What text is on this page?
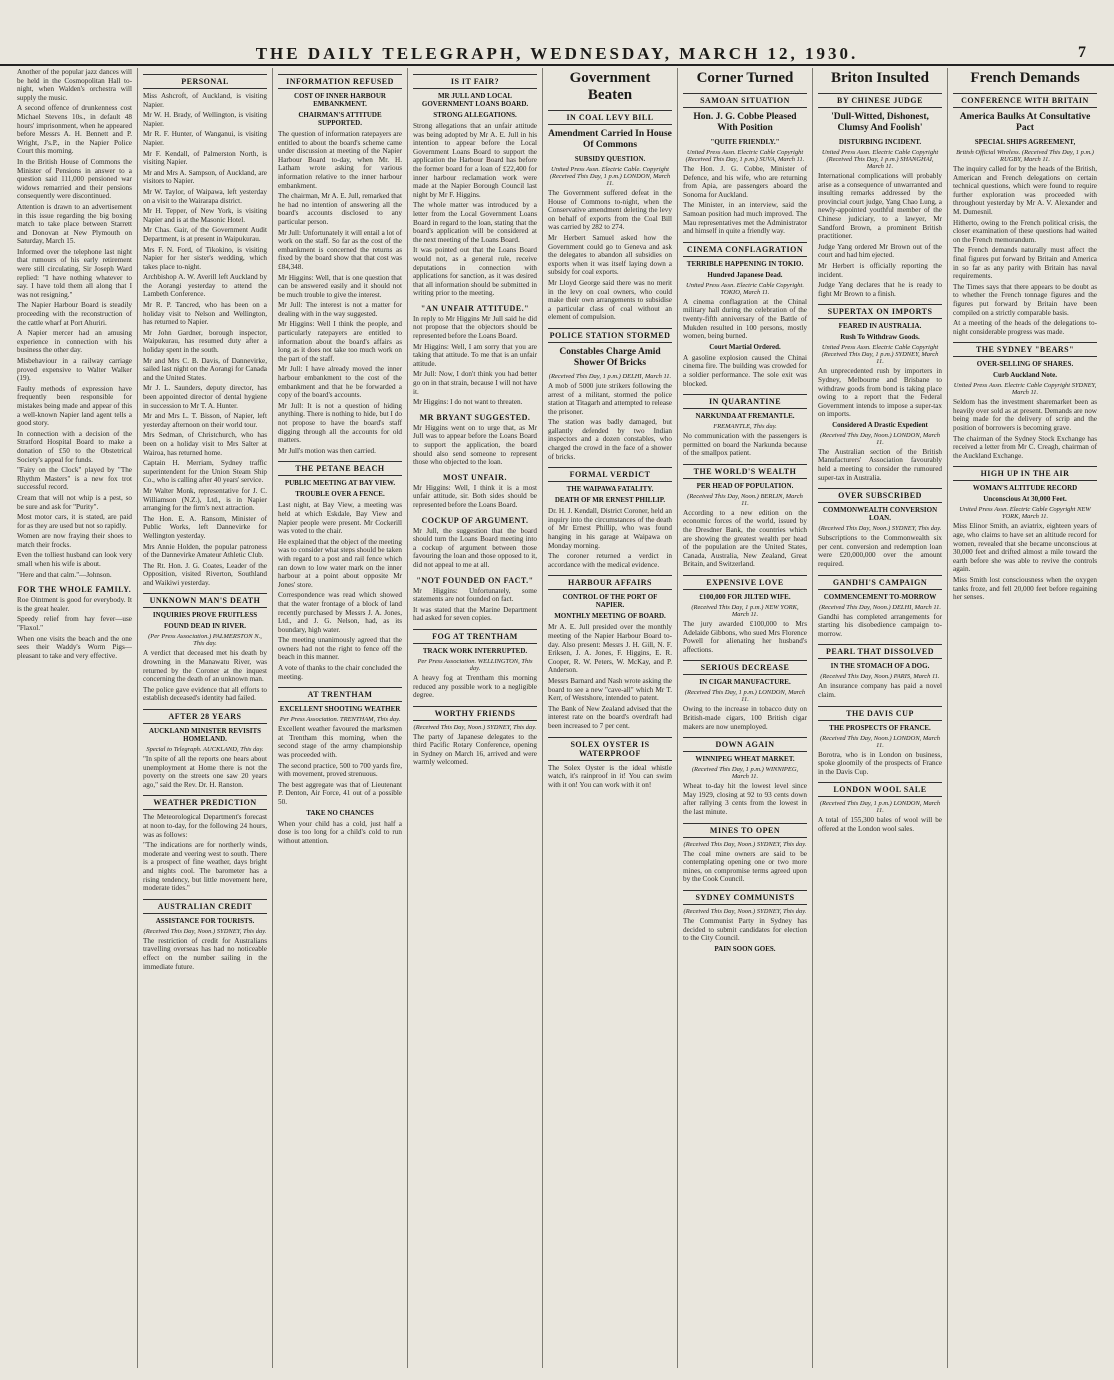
THE DAILY TELEGRAPH, WEDNESDAY, MARCH 12, 1930.	7

Another of the popular jazz dances will be held in the Cosmopolitan Hall to-night, when Walden's orchestra will supply the music.

A second offence of drunkenness cost Michael Stevens 10s., in default 48 hours' imprisonment, when he appeared before Messrs A. H. Bennett and P. Wright, J's.P., in the Napier Police Court this morning.

In the British House of Commons the Minister of Pensions in answer to a question said 111,000 pensioned war widows remarried and their pensions consequently were discontinued.

Attention is drawn to an advertisement in this issue regarding the big boxing match to take place between Starrett and Donovan at New Plymouth on Saturday, March 15.

Informed over the telephone last night that rumours of his early retirement were still circulating, Sir Joseph Ward replied: "I have nothing whatever to say. I have told them all along that I was not resigning."

The Napier Harbour Board is steadily proceeding with the reconstruction of the cattle wharf at Port Ahuriri.

A Napier mercer had an amusing experience in connection with his business the other day.

Misbehaviour in a railway carriage proved expensive to Walter Walker (19).

Faulty methods of expression have frequently been responsible for mistakes being made and appear of this a well-known Napier land agent tells a good story.

In connection with a decision of the Stratford Hospital Board to make a donation of £50 to the Obstetrical Society's appeal for funds.

"Fairy on the Clock" played by "The Rhythm Masters" is a new fox trot successful record.

Cream that will not whip is a pest, so be sure and ask for "Purity".

Most motor cars, it is stated, are paid for as they are used but not so rapidly.

Women are now fraying their shoes to match their frocks.

Even the tolliest husband can look very small when his wife is about.

"Here and that calm."—Johnson.

FOR THE WHOLE FAMILY.

Roe Ointment is good for everybody. It is the great healer.

Speedy relief from hay fever—use "Flaxol."

When one visits the beach and the one sees their Waddy's Worm Pigs—pleasant to take and very effective.

PERSONAL

Miss Ashcroft, of Auckland, is visiting Napier.

Mr W. H. Brady, of Wellington, is visiting Napier.

Mr R. F. Hunter, of Wanganui, is visiting Napier.

Mr F. Kendall, of Palmerston North, is visiting Napier.

Mr and Mrs A. Sampson, of Auckland, are visitors to Napier.

Mr W. Taylor, of Waipawa, left yesterday on a visit to the Wairarapa district.

Mr H. Tepper, of New York, is visiting Napier and is at the Masonic Hotel.

Mr Chas. Gair, of the Government Audit Department, is at present in Waipukurau.

Mrs F. N. Ford, of Tikokino, is visiting Napier for her sister's wedding, which takes place to-night.

Archbishop A. W. Averill left Auckland by the Aorangi yesterday to attend the Lambeth Conference.

Mr R. P. Tancred, who has been on a holiday visit to Nelson and Wellington, has returned to Napier.

Mr John Gardner, borough inspector, Waipukurau, has resumed duty after a holiday spent in the south.

Mr and Mrs C. B. Davis, of Dannevirke, sailed last night on the Aorangi for Canada and the United States.

Mr J. L. Saunders, deputy director, has been appointed director of dental hygiene in succession to Mr T. A. Hunter.

Mr and Mrs L. T. Bisson, of Napier, left yesterday afternoon on their world tour.

Mrs Sedman, of Christchurch, who has been on a holiday visit to Mrs Salter at Wairoa, has returned home.

Captain H. Merriam, Sydney traffic superintendent for the Union Steam Ship Co., who is calling after 40 years' service.

Mr Walter Monk, representative for J. C. Williamson (N.Z.), Ltd., is in Napier arranging for the firm's next attraction.

The Hon. E. A. Ransom, Minister of Public Works, left Dannevirke for Wellington yesterday.

Mrs Annie Holden, the popular patroness of the Dannevirke Amateur Athletic Club.

The Rt. Hon. J. G. Coates, Leader of the Opposition, visited Riverton, Southland and Waikiwi yesterday.

UNKNOWN MAN'S DEATH
INQUIRIES PROVE FRUITLESS
FOUND DEAD IN RIVER.
(Per Press Association.) PALMERSTON N., This day.

A verdict that deceased met his death by drowning in the Manawatu River, was returned by the Coroner at the inquest concerning the death of an unknown man.

The police gave evidence that all efforts to establish deceased's identity had failed.

AFTER 28 YEARS
AUCKLAND MINISTER REVISITS HOMELAND.
Special to Telegraph. AUCKLAND, This day.

"In spite of all the reports one hears about unemployment at Home there is not the poverty on the streets one saw 20 years ago," said the Rev. Dr. H. Ranston.

WEATHER PREDICTION

The Meteorological Department's forecast at noon to-day, for the following 24 hours, was as follows:

"The indications are for northerly winds, moderate and veering west to south. There is a prospect of fine weather, days bright and nights cool. The barometer has a rising tendency, but little movement here, moderate tides."

AUSTRALIAN CREDIT
ASSISTANCE FOR TOURISTS.
(Received This Day, Noon.) SYDNEY, This day.

The restriction of credit for Australians travelling overseas has had no noticeable effect on the number sailing in the immediate future.

INFORMATION REFUSED
COST OF INNER HARBOUR EMBANKMENT.
CHAIRMAN'S ATTITUDE SUPPORTED.

The question of information ratepayers are entitled to about the board's scheme came under discussion at meeting of the Napier Harbour Board to-day, when Mr. H. Latham wrote asking for various information relative to the inner harbour embankment.

The chairman, Mr A. E. Jull, remarked that he had no intention of answering all the board's accounts disclosed to any particular person.

Mr Jull: Unfortunately it will entail a lot of work on the staff. So far as the cost of the embankment is concerned the returns as fixed by the board show that that cost was £84,348.

Mr Higgins: Well, that is one question that can be answered easily and it should not be much trouble to give the interest.

Mr Jull: The interest is not a matter for dealing with in the way suggested.

Mr Higgins: Well I think the people, and particularly ratepayers are entitled to information about the board's affairs as long as it does not take too much work on the part of the staff.

Mr Jull: I have already moved the inner harbour embankment to the cost of the embankment and that he be forwarded a copy of the board's accounts.

Mr Jull: It is not a question of hiding anything. There is nothing to hide, but I do not propose to have the board's staff digging through all the accounts for old matters.

Mr Jull's motion was then carried.

THE PETANE BEACH
PUBLIC MEETING AT BAY VIEW.
TROUBLE OVER A FENCE.

Last night, at Bay View, a meeting was held at which Eskdale, Bay View and Napier people were present. Mr Cockerill was voted to the chair.

He explained that the object of the meeting was to consider what steps should be taken with regard to a post and rail fence which ran down to low water mark on the inner harbour at a point about opposite Mr Jones' store.

Correspondence was read which showed that the water frontage of a block of land recently purchased by Messrs J. A. Jones, Ltd., and J. G. Nelson, had, as its boundary, high water.

The meeting unanimously agreed that the owners had not the right to fence off the beach in this manner.

A vote of thanks to the chair concluded the meeting.

AT TRENTHAM
EXCELLENT SHOOTING WEATHER
Per Press Association. TRENTHAM, This day.

Excellent weather favoured the marksmen at Trentham this morning, when the second stage of the army championship was proceeded with.

The second practice, 500 to 700 yards fire, with movement, proved strenuous.

The best aggregate was that of Lieutenant P. Denton, Air Force, 41 out of a possible 50.

TAKE NO CHANCES

When your child has a cold, just half a dose is too long for a child's cold to run without attention.

IS IT FAIR?
MR JULL AND LOCAL GOVERNMENT LOANS BOARD.
STRONG ALLEGATIONS.

Strong allegations that an unfair attitude was being adopted by Mr A. E. Jull in his intention to appear before the Local Government Loans Board to support the application the Harbour Board has before the former board for a loan of £22,400 for inner harbour reclamation work were made at the Napier Borough Council last night by Mr F. Higgins.

The whole matter was introduced by a letter from the Local Government Loans Board in regard to the loan, stating that the board's application will be considered at the next meeting of the Loans Board.

It was pointed out that the Loans Board would not, as a general rule, receive deputations in connection with applications for sanction, as it was desired that all information should be submitted in writing prior to the meeting.

"AN UNFAIR ATTITUDE."

In reply to Mr Higgins Mr Jull said he did not propose that the objectors should be represented before the Loans Board.

Mr Higgins: Well, I am sorry that you are taking that attitude. To me that is an unfair attitude.

Mr Jull: Now, I don't think you had better go on in that strain, because I will not have it.

Mr Higgins: I do not want to threaten.

MR BRYANT SUGGESTED.

Mr Higgins went on to urge that, as Mr Jull was to appear before the Loans Board to support the application, the board should also send someone to represent those who objected to the loan.

MOST UNFAIR.

Mr Higgins: Well, I think it is a most unfair attitude, sir. Both sides should be represented before the Loans Board.

COCKUP OF ARGUMENT.

Mr Jull, the suggestion that the board should turn the Loans Board meeting into a cockup of argument between those favouring the loan and those opposed to it, did not appeal to me at all.

"NOT FOUNDED ON FACT."

Mr Higgins: Unfortunately, some statements are not founded on fact.

It was stated that the Marine Department had asked for seven copies.

FOG AT TRENTHAM
TRACK WORK INTERRUPTED.
Per Press Association. WELLINGTON, This day.

A heavy fog at Trentham this morning reduced any possible work to a negligible degree.

WORTHY FRIENDS
(Received This Day, Noon.) SYDNEY, This day.

The party of Japanese delegates to the third Pacific Rotary Conference, opening in Sydney on March 16, arrived and were warmly welcomed.

Government Beaten
IN COAL LEVY BILL
Amendment Carried In House Of Commons
SUBSIDY QUESTION.
United Press Assn. Electric Cable. Copyright (Received This Day, 1 p.m.) LONDON, March 11.

The Government suffered defeat in the House of Commons to-night, when the Conservative amendment deleting the levy on behalf of exports from the Coal Bill was carried by 282 to 274.

Mr Herbert Samuel asked how the Government could go to Geneva and ask the delegates to abandon all subsidies on exports when it was itself laying down a subsidy for coal exports.

Mr Lloyd George said there was no merit in the levy on coal owners, who could make their own arrangements to subsidise a particular class of coal without an element of compulsion.

POLICE STATION STORMED
Constables Charge Amid Shower Of Bricks
(Received This Day, 1 p.m.) DELHI, March 11.

A mob of 5000 jute strikers following the arrest of a militant, stormed the police station at Titagarh and attempted to release the prisoner.

The station was badly damaged, but gallantly defended by two Indian inspectors and a dozen constables, who charged the crowd in the face of a shower of bricks.

FORMAL VERDICT
THE WAIPAWA FATALITY.
DEATH OF MR ERNEST PHILLIP.

Dr. H. J. Kendall, District Coroner, held an inquiry into the circumstances of the death of Mr Ernest Phillip, who was found hanging in his garage at Waipawa on Monday morning.

The coroner returned a verdict in accordance with the medical evidence.

HARBOUR AFFAIRS
CONTROL OF THE PORT OF NAPIER.
MONTHLY MEETING OF BOARD.

Mr A. E. Jull presided over the monthly meeting of the Napier Harbour Board to-day. Also present: Messrs J. H. Gill, N. F. Eriksen, J. A. Jones, F. Higgins, E. R. Cooper, R. W. Peters, W. McKay, and P. Anderson.

Messrs Barnard and Nash wrote asking the board to see a new "cave-all" which Mr T. Kerr, of Westshore, intended to patent.

The Bank of New Zealand advised that the interest rate on the board's overdraft had been increased to 7 per cent.

SOLEX OYSTER IS WATERPROOF

The Solex Oyster is the ideal whistle watch, it's rainproof in it! You can swim with it on! You can work with it on!

Corner Turned
SAMOAN SITUATION
Hon. J. G. Cobbe Pleased With Position
"QUITE FRIENDLY."
United Press Assn. Electric Cable Copyright (Received This Day, 1 p.m.) SUVA, March 11.

The Hon. J. G. Cobbe, Minister of Defence, and his wife, who are returning from Apia, are passengers aboard the Sonoma for Auckland.

The Minister, in an interview, said the Samoan position had much improved. The Mau representatives met the Administrator and himself in quite a friendly way.

CINEMA CONFLAGRATION
TERRIBLE HAPPENING IN TOKIO.
Hundred Japanese Dead.
United Press Assn. Electric Cable Copyright. TOKIO, March 11.

A cinema conflagration at the Chinal military hall during the celebration of the twenty-fifth anniversary of the Battle of Mukden resulted in 100 persons, mostly women, being burned.

Court Martial Ordered.

A gasoline explosion caused the Chinai cinema fire. The building was crowded for a soldier performance. The sole exit was blocked.

IN QUARANTINE
NARKUNDA AT FREMANTLE.
FREMANTLE, This day.

No communication with the passengers is permitted on board the Narkunda because of the smallpox patient.

THE WORLD'S WEALTH
PER HEAD OF POPULATION.
(Received This Day, Noon.) BERLIN, March 11.

According to a new edition on the economic forces of the world, issued by the Dresdner Bank, the countries which are showing the greatest wealth per head of the population are the United States, Canada, Australia, New Zealand, Great Britain, and Switzerland.

EXPENSIVE LOVE
£100,000 FOR JILTED WIFE.
(Received This Day, 1 p.m.) NEW YORK, March 11.

The jury awarded £100,000 to Mrs Adelaide Gibbons, who sued Mrs Florence Powell for alienating her husband's affections.

SERIOUS DECREASE
IN CIGAR MANUFACTURE.
(Received This Day, 1 p.m.) LONDON, March 11.

Owing to the increase in tobacco duty on British-made cigars, 100 British cigar makers are now unemployed.

DOWN AGAIN
WINNIPEG WHEAT MARKET.
(Received This Day, 1 p.m.) WINNIPEG, March 11.

Wheat to-day hit the lowest level since May 1929, closing at 92 to 93 cents down after rallying 3 cents from the lowest in the last minute.

MINES TO OPEN
(Received This Day, Noon.) SYDNEY, This day.

The coal mine owners are said to be contemplating opening one or two more mines, on compromise terms agreed upon by the Cook Council.

SYDNEY COMMUNISTS
(Received This Day, Noon.) SYDNEY, This day.

The Communist Party in Sydney has decided to submit candidates for election to the City Council.

PAIN SOON GOES.
Briton Insulted
BY CHINESE JUDGE
'Dull-Witted, Dishonest, Clumsy And Foolish'
DISTURBING INCIDENT.
United Press Assn. Electric Cable Copyright (Received This Day, 1 p.m.) SHANGHAI, March 11.

International complications will probably arise as a consequence of unwarranted and insulting remarks addressed by the provincial court judge, Yang Chao Lung, a newly-appointed youthful member of the Chinese judiciary, to a lawyer, Mr Sandford Brown, a prominent British practitioner.

Judge Yang ordered Mr Brown out of the court and had him ejected.

Mr Herbert is officially reporting the incident.

Judge Yang declares that he is ready to fight Mr Brown to a finish.

SUPERTAX ON IMPORTS
FEARED IN AUSTRALIA.
Rush To Withdraw Goods.
United Press Assn. Electric Cable Copyright (Received This Day, 1 p.m.) SYDNEY, March 11.

An unprecedented rush by importers in Sydney, Melbourne and Brisbane to withdraw goods from bond is taking place owing to a report that the Federal Government intends to impose a super-tax on imports.

Considered A Drastic Expedient
(Received This Day, Noon.) LONDON, March 11.

The Australian section of the British Manufacturers' Association favourably held a meeting to consider the rumoured super-tax in Australia.

OVER SUBSCRIBED
COMMONWEALTH CONVERSION LOAN.
(Received This Day, Noon.) SYDNEY, This day.

Subscriptions to the Commonwealth six per cent. conversion and redemption loan were £20,000,000 over the amount required.

GANDHI'S CAMPAIGN
COMMENCEMENT TO-MORROW
(Received This Day, Noon.) DELHI, March 11.

Gandhi has completed arrangements for starting his disobedience campaign to-morrow.

PEARL THAT DISSOLVED
IN THE STOMACH OF A DOG.
(Received This Day, Noon.) PARIS, March 11.

An insurance company has paid a novel claim.

THE DAVIS CUP
THE PROSPECTS OF FRANCE.
(Received This Day, Noon.) LONDON, March 11.

Borotra, who is in London on business, spoke gloomily of the prospects of France in the Davis Cup.

LONDON WOOL SALE
(Received This Day, 1 p.m.) LONDON, March 11.

A total of 155,300 bales of wool will be offered at the London wool sales.

French Demands
CONFERENCE WITH BRITAIN
America Baulks At Consultative Pact
SPECIAL SHIPS AGREEMENT,
British Official Wireless. (Received This Day, 1 p.m.) RUGBY, March 11.

The inquiry called for by the heads of the British, American and French delegations on certain technical questions, which were found to require further exploration was proceeded with throughout yesterday by Mr A. V. Alexander and M. Dumesnil.

Hitherto, owing to the French political crisis, the closer examination of these questions had waited on the French memorandum.

The French demands naturally must affect the final figures put forward by Britain and America in so far as any parity with Britain has naval requirements.

The Times says that there appears to be doubt as to whether the French tonnage figures and the figures put forward by Britain have been compiled on a strictly comparable basis.

At a meeting of the heads of the delegations to-night considerable progress was made.

THE SYDNEY "BEARS"
OVER-SELLING OF SHARES.
Curb Auckland Note.
United Press Assn. Electric Cable Copyright SYDNEY, March 11.

Seldom has the investment sharemarket been as heavily over sold as at present. Demands are now being made for the delivery of scrip and the position of borrowers is becoming grave.

The chairman of the Sydney Stock Exchange has received a letter from Mr C. Creagh, chairman of the Auckland Exchange.

HIGH UP IN THE AIR
WOMAN'S ALTITUDE RECORD
Unconscious At 30,000 Feet.
United Press Assn. Electric Cable Copyright NEW YORK, March 11.

Miss Elinor Smith, an aviatrix, eighteen years of age, who claims to have set an altitude record for women, revealed that she became unconscious at 30,000 feet and drifted almost a mile toward the earth before she was able to revive the controls again.

Miss Smith lost consciousness when the oxygen tanks froze, and fell 20,000 feet before regaining her senses.
